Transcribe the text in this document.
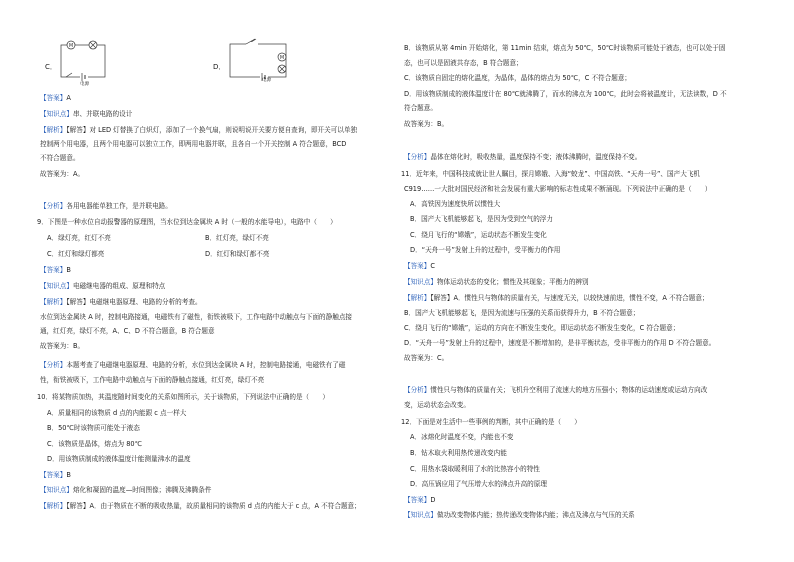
C．
M
电源
D．
M
电源
【答案】A
【知识点】串、并联电路的设计
【解析】【解答】对 LED 灯替换了白炽灯，添加了一个换气扇，则说明说开关要方便自查询，即开关可以单独
控制两个用电器，且两个用电器可以独立工作，即两用电器并联，且各自一个开关控制 A 符合题意，BCD
不符合题意。
故答案为：A。
【分析】各用电器能单独工作，是并联电路。
9．下图是一种水位自动报警器的原理图，当水位到达金属块 A 时（一般的水能导电），电路中（　　）
A．绿灯亮，红灯不亮	B．红灯亮，绿灯不亮
C．红灯和绿灯都亮	D．红灯和绿灯都不亮
【答案】B
【知识点】电磁继电器的组成、原理和特点
【解析】【解答】电磁继电器原理、电路的分析的考查。
水位到达金属块 A 时，控制电路接通，电磁铁有了磁性，衔铁被吸下，工作电路中动触点与下面的静触点接
通，红灯亮，绿灯不亮，A、C、D 不符合题意，B 符合题意
故答案为：B。
【分析】本题考查了电磁继电器原理、电路的分析，水位到达金属块 A 时，控制电路接通，电磁铁有了磁
性，衔铁被吸下，工作电路中动触点与下面的静触点接通，红灯亮，绿灯不亮
10．将某物质加热，其温度随时间变化的关系如图所示，关于该物质，下列说法中正确的是（　　）
A．质量相同的该物质 d 点的内能跟 c 点一样大
B．50℃时该物质可能处于液态
C．该物质是晶体，熔点为 80℃
D．用该物质制成的液体温度计能测量沸水的温度
【答案】B
【知识点】熔化和凝固的温度—时间图像；沸腾及沸腾条件
【解析】【解答】A．由于物质在不断的吸收热量，故质量相同的该物质 d 点的内能大于 c 点，A 不符合题意；
B．该物质从第 4min 开始熔化，第 11min 结束，熔点为 50℃，50℃时该物质可能处于液态，也可以处于固
态，也可以是固液共存态，B 符合题意；
C．该物质自固定的熔化温度，为晶体，晶体的熔点为 50℃，C 不符合题意；
D．用该物质制成的液体温度计在 80℃就沸腾了，而水的沸点为 100℃，此时会将被温度计，无法读数，D 不
符合题意。
故答案为：B。
【分析】晶体在熔化时，吸收热量，温度保持不变；液体沸腾时，温度保持不变。
11．近年来，中国科技成就让世人瞩目，探月嫦娥、入海“蛟龙”、中国高铁、“天舟一号”、国产大飞机
C919……一大批对国民经济和社会发展有重大影响的标志性成果不断涌现。下列说法中正确的是（　　）
A．高铁因为速度快所以惯性大
B．国产大飞机能够起飞，是因为受到空气的浮力
C．绕月飞行的“嫦娥”，运动状态不断发生变化
D．“天舟一号”发射上升的过程中，受平衡力的作用
【答案】C
【知识点】物体运动状态的变化；惯性及其现象；平衡力的辨别
【解析】【解答】A．惯性只与物体的质量有关，与速度无关，以较快速前进，惯性不变，A 不符合题意；
B．国产大飞机能够起飞，是因为流速与压强的关系而获得升力，B 不符合题意；
C．绕月飞行的“嫦娥”，运动的方向在不断发生变化，即运动状态不断发生变化，C 符合题意；
D．“天舟一号”发射上升的过程中，速度是不断增加的，是非平衡状态，受非平衡力的作用 D 不符合题意。
故答案为：C。
【分析】惯性只与物体的质量有关；飞机升空利用了流速大的地方压强小；物体的运动速度或运动方向改
变，运动状态会改变。
12．下面是对生活中一些事例的判断，其中正确的是（　　）
A．冰熔化时温度不变，内能也不变
B．钻木取火利用热传递改变内能
C．用热水袋取暖利用了水的比热容小的特性
D．高压锅应用了气压增大水的沸点升高的原理
【答案】D
【知识点】做功改变物体内能；热传递改变物体内能；沸点及沸点与气压的关系
